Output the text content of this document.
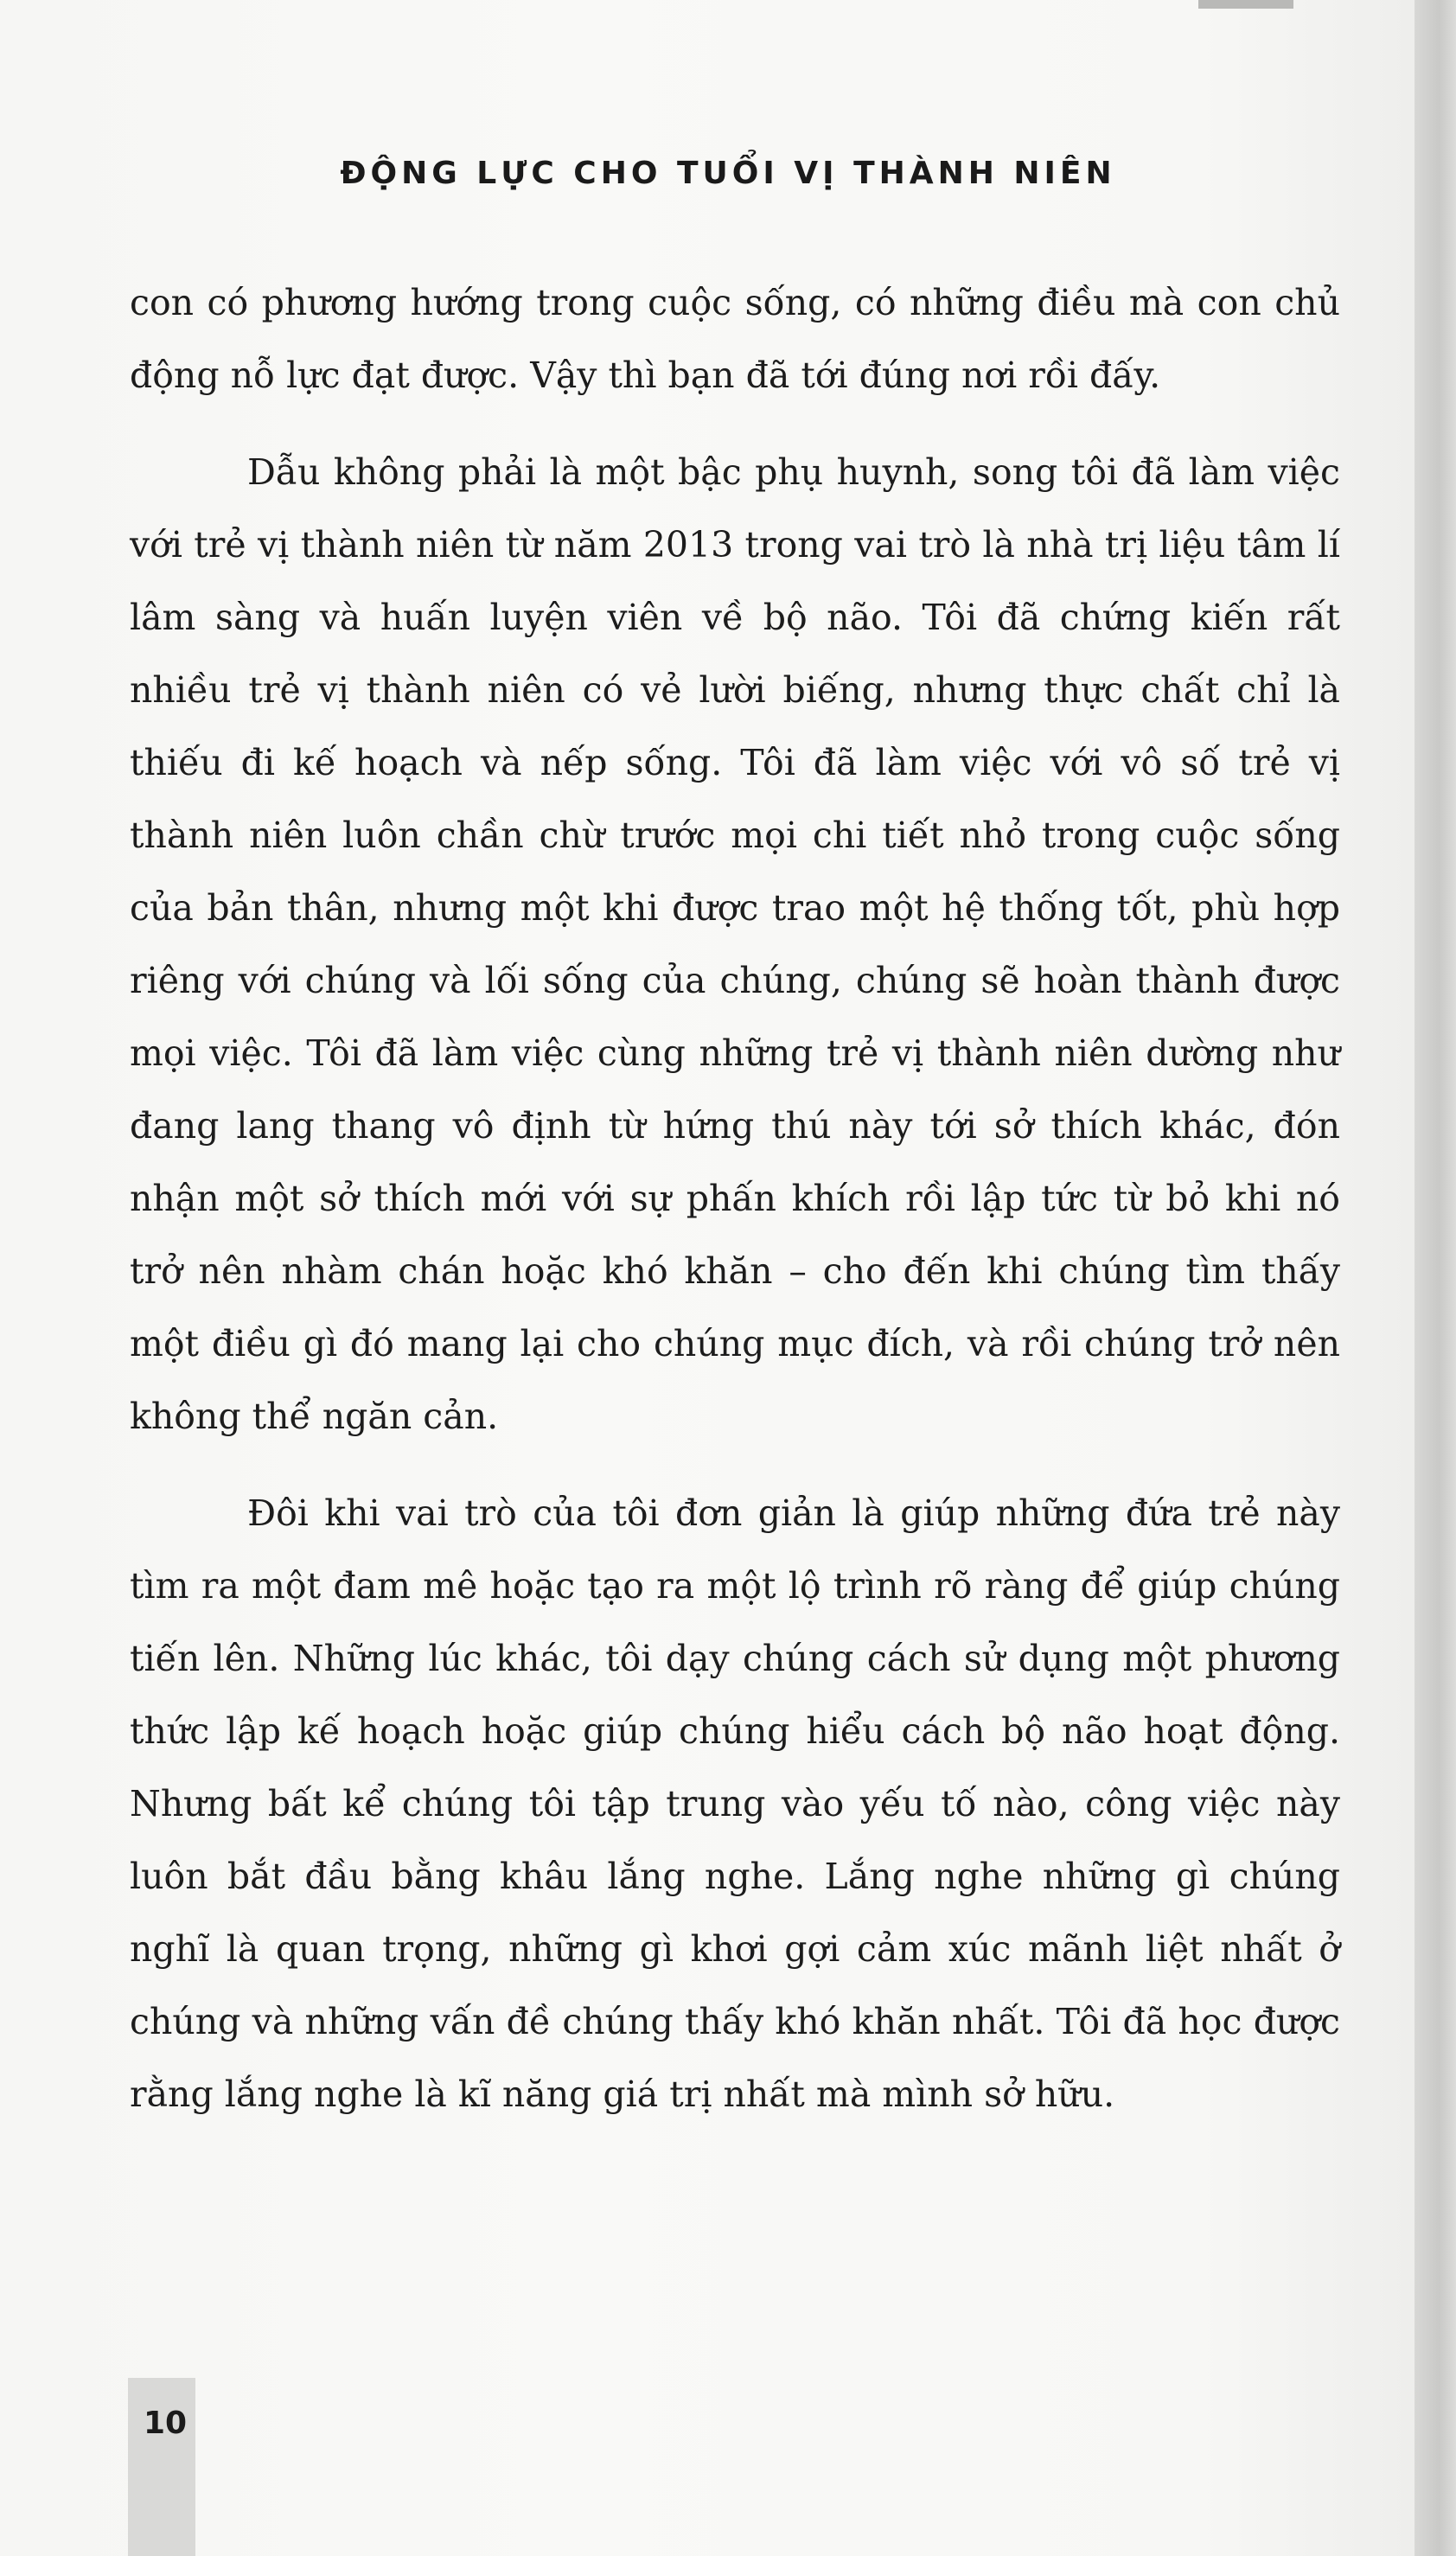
ĐỘNG LỰC CHO TUỔI VỊ THÀNH NIÊN

con có phương hướng trong cuộc sống, có những điều mà con chủ động nỗ lực đạt được. Vậy thì bạn đã tới đúng nơi rồi đấy.

Dẫu không phải là một bậc phụ huynh, song tôi đã làm việc với trẻ vị thành niên từ năm 2013 trong vai trò là nhà trị liệu tâm lí lâm sàng và huấn luyện viên về bộ não. Tôi đã chứng kiến rất nhiều trẻ vị thành niên có vẻ lười biếng, nhưng thực chất chỉ là thiếu đi kế hoạch và nếp sống. Tôi đã làm việc với vô số trẻ vị thành niên luôn chần chừ trước mọi chi tiết nhỏ trong cuộc sống của bản thân, nhưng một khi được trao một hệ thống tốt, phù hợp riêng với chúng và lối sống của chúng, chúng sẽ hoàn thành được mọi việc. Tôi đã làm việc cùng những trẻ vị thành niên dường như đang lang thang vô định từ hứng thú này tới sở thích khác, đón nhận một sở thích mới với sự phấn khích rồi lập tức từ bỏ khi nó trở nên nhàm chán hoặc khó khăn – cho đến khi chúng tìm thấy một điều gì đó mang lại cho chúng mục đích, và rồi chúng trở nên không thể ngăn cản.

Đôi khi vai trò của tôi đơn giản là giúp những đứa trẻ này tìm ra một đam mê hoặc tạo ra một lộ trình rõ ràng để giúp chúng tiến lên. Những lúc khác, tôi dạy chúng cách sử dụng một phương thức lập kế hoạch hoặc giúp chúng hiểu cách bộ não hoạt động. Nhưng bất kể chúng tôi tập trung vào yếu tố nào, công việc này luôn bắt đầu bằng khâu lắng nghe. Lắng nghe những gì chúng nghĩ là quan trọng, những gì khơi gợi cảm xúc mãnh liệt nhất ở chúng và những vấn đề chúng thấy khó khăn nhất. Tôi đã học được rằng lắng nghe là kĩ năng giá trị nhất mà mình sở hữu.

10
